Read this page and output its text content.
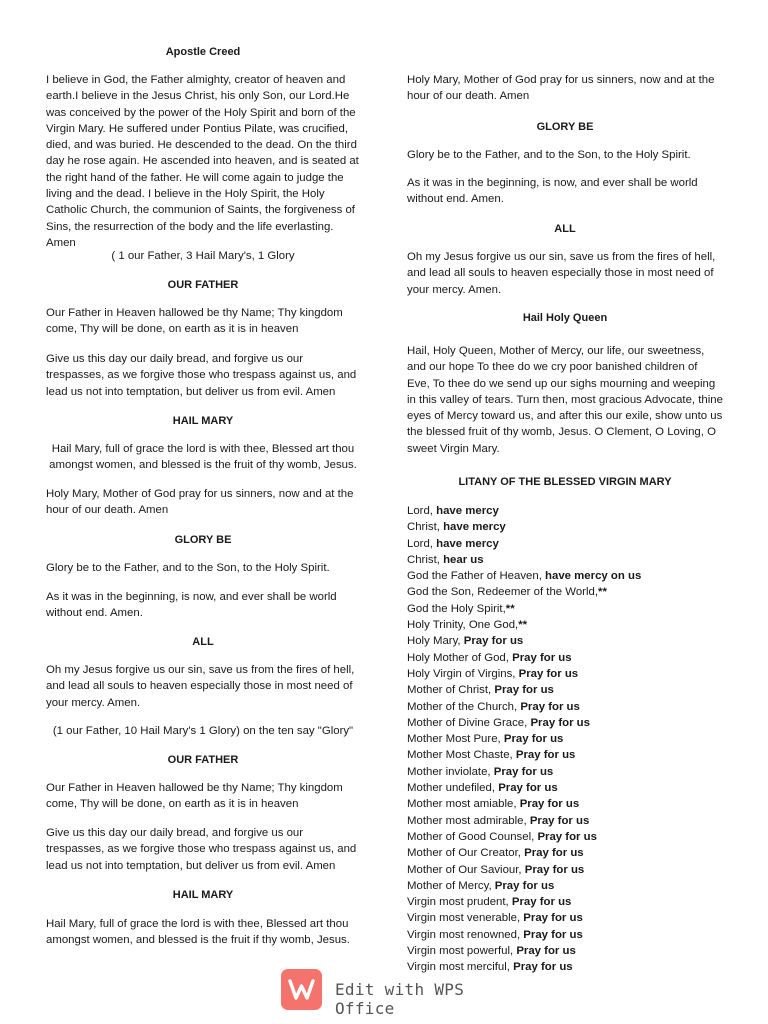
Apostle Creed

I believe in God, the Father almighty, creator of heaven and earth.I believe in the Jesus Christ, his only Son, our Lord.He was conceived by the power of the Holy Spirit and born of the Virgin Mary. He suffered under Pontius Pilate, was crucified, died, and was buried. He descended to the dead. On the third day he rose again. He ascended into heaven, and is seated at the right hand of the father. He will come again to judge the living and the dead. I believe in the Holy Spirit, the Holy Catholic Church, the communion of Saints, the forgiveness of Sins, the resurrection of the body and the life everlasting. Amen

( 1 our Father, 3 Hail Mary's, 1 Glory

OUR FATHER

Our Father in Heaven hallowed be thy Name; Thy kingdom come, Thy will be done, on earth as it is in heaven

Give us this day our daily bread, and forgive us our trespasses, as we forgive those who trespass against us, and lead us not into temptation, but deliver us from evil. Amen

HAIL MARY

Hail Mary, full of grace the lord is with thee, Blessed art thou amongst women, and blessed is the fruit of thy womb, Jesus.

Holy Mary, Mother of God pray for us sinners, now and at the hour of our death. Amen

GLORY BE

Glory be to the Father, and to the Son, to the Holy Spirit.

As it was in the beginning, is now, and ever shall be world without end. Amen.

ALL

Oh my Jesus forgive us our sin, save us from the fires of hell, and lead all souls to heaven especially those in most need of your mercy. Amen.

(1 our Father, 10 Hail Mary's 1 Glory) on the ten say "Glory"

OUR FATHER

Our Father in Heaven hallowed be thy Name; Thy kingdom come, Thy will be done, on earth as it is in heaven

Give us this day our daily bread, and forgive us our trespasses, as we forgive those who trespass against us, and lead us not into temptation, but deliver us from evil. Amen

HAIL MARY

Hail Mary, full of grace the lord is with thee, Blessed art thou amongst women, and blessed is the fruit if thy womb, Jesus.

Holy Mary, Mother of God pray for us sinners, now and at the hour of our death. Amen

GLORY BE

Glory be to the Father, and to the Son, to the Holy Spirit.

As it was in the beginning, is now, and ever shall be world without end. Amen.

ALL

Oh my Jesus forgive us our sin, save us from the fires of hell, and lead all souls to heaven especially those in most need of your mercy. Amen.

Hail Holy Queen

Hail, Holy Queen, Mother of Mercy, our life, our sweetness, and our hope To thee do we cry poor banished children of Eve, To thee do we send up our sighs mourning and weeping in this valley of tears. Turn then, most gracious Advocate, thine eyes of Mercy toward us, and after this our exile, show unto us the blessed fruit of thy womb, Jesus. O Clement, O Loving, O sweet Virgin Mary.

LITANY OF THE BLESSED VIRGIN MARY

Lord, have mercy
Christ, have mercy
Lord, have mercy
Christ, hear us
God the Father of Heaven, have mercy on us
God the Son, Redeemer of the World,**
God the Holy Spirit,**
Holy Trinity, One God,**
Holy Mary, Pray for us
Holy Mother of God, Pray for us
Holy Virgin of Virgins, Pray for us
Mother of Christ, Pray for us
Mother of the Church, Pray for us
Mother of Divine Grace, Pray for us
Mother Most Pure, Pray for us
Mother Most Chaste, Pray for us
Mother inviolate, Pray for us
Mother undefiled, Pray for us
Mother most amiable, Pray for us
Mother most admirable, Pray for us
Mother of Good Counsel, Pray for us
Mother of Our Creator, Pray for us
Mother of Our Saviour, Pray for us
Mother of Mercy, Pray for us
Virgin most prudent, Pray for us
Virgin most venerable, Pray for us
Virgin most renowned, Pray for us
Virgin most powerful, Pray for us
Virgin most merciful, Pray for us
Edit with WPS Office
